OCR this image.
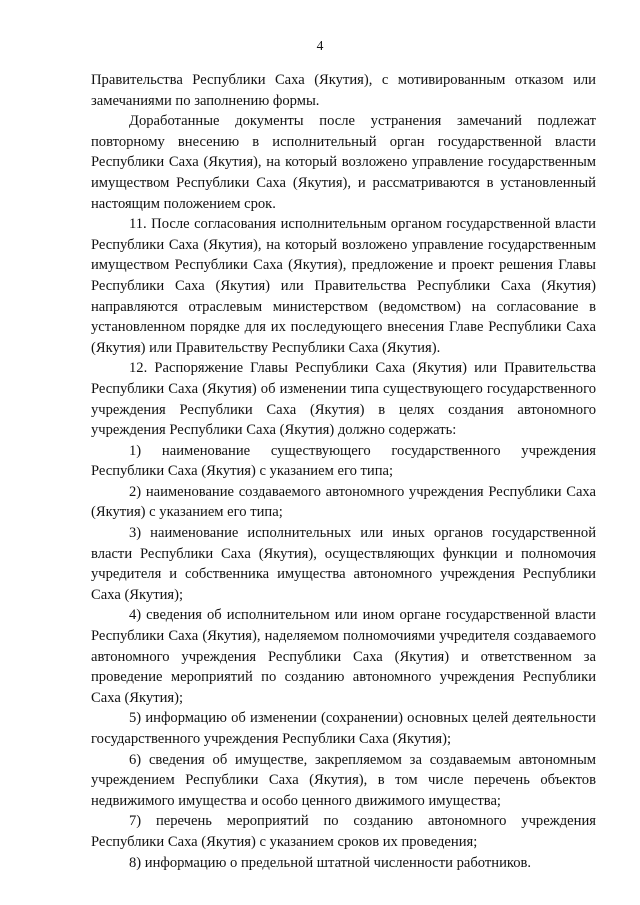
4

Правительства Республики Саха (Якутия), с мотивированным отказом или замечаниями по заполнению формы.

Доработанные документы после устранения замечаний подлежат повторному внесению в исполнительный орган государственной власти Республики Саха (Якутия), на который возложено управление государственным имуществом Республики Саха (Якутия), и рассматриваются в установленный настоящим положением срок.

11. После согласования исполнительным органом государственной власти Республики Саха (Якутия), на который возложено управление государственным имуществом Республики Саха (Якутия), предложение и проект решения Главы Республики Саха (Якутия) или Правительства Республики Саха (Якутия) направляются отраслевым министерством (ведомством) на согласование в установленном порядке для их последующего внесения Главе Республики Саха (Якутия) или Правительству Республики Саха (Якутия).

12. Распоряжение Главы Республики Саха (Якутия) или Правительства Республики Саха (Якутия) об изменении типа существующего государственного учреждения Республики Саха (Якутия) в целях создания автономного учреждения Республики Саха (Якутия) должно содержать:

1) наименование существующего государственного учреждения Республики Саха (Якутия) с указанием его типа;

2) наименование создаваемого автономного учреждения Республики Саха (Якутия) с указанием его типа;

3) наименование исполнительных или иных органов государственной власти Республики Саха (Якутия), осуществляющих функции и полномочия учредителя и собственника имущества автономного учреждения Республики Саха (Якутия);

4) сведения об исполнительном или ином органе государственной власти Республики Саха (Якутия), наделяемом полномочиями учредителя создаваемого автономного учреждения Республики Саха (Якутия) и ответственном за проведение мероприятий по созданию автономного учреждения Республики Саха (Якутия);

5) информацию об изменении (сохранении) основных целей деятельности государственного учреждения Республики Саха (Якутия);

6) сведения об имуществе, закрепляемом за создаваемым автономным учреждением Республики Саха (Якутия), в том числе перечень объектов недвижимого имущества и особо ценного движимого имущества;

7) перечень мероприятий по созданию автономного учреждения Республики Саха (Якутия) с указанием сроков их проведения;

8) информацию о предельной штатной численности работников.
